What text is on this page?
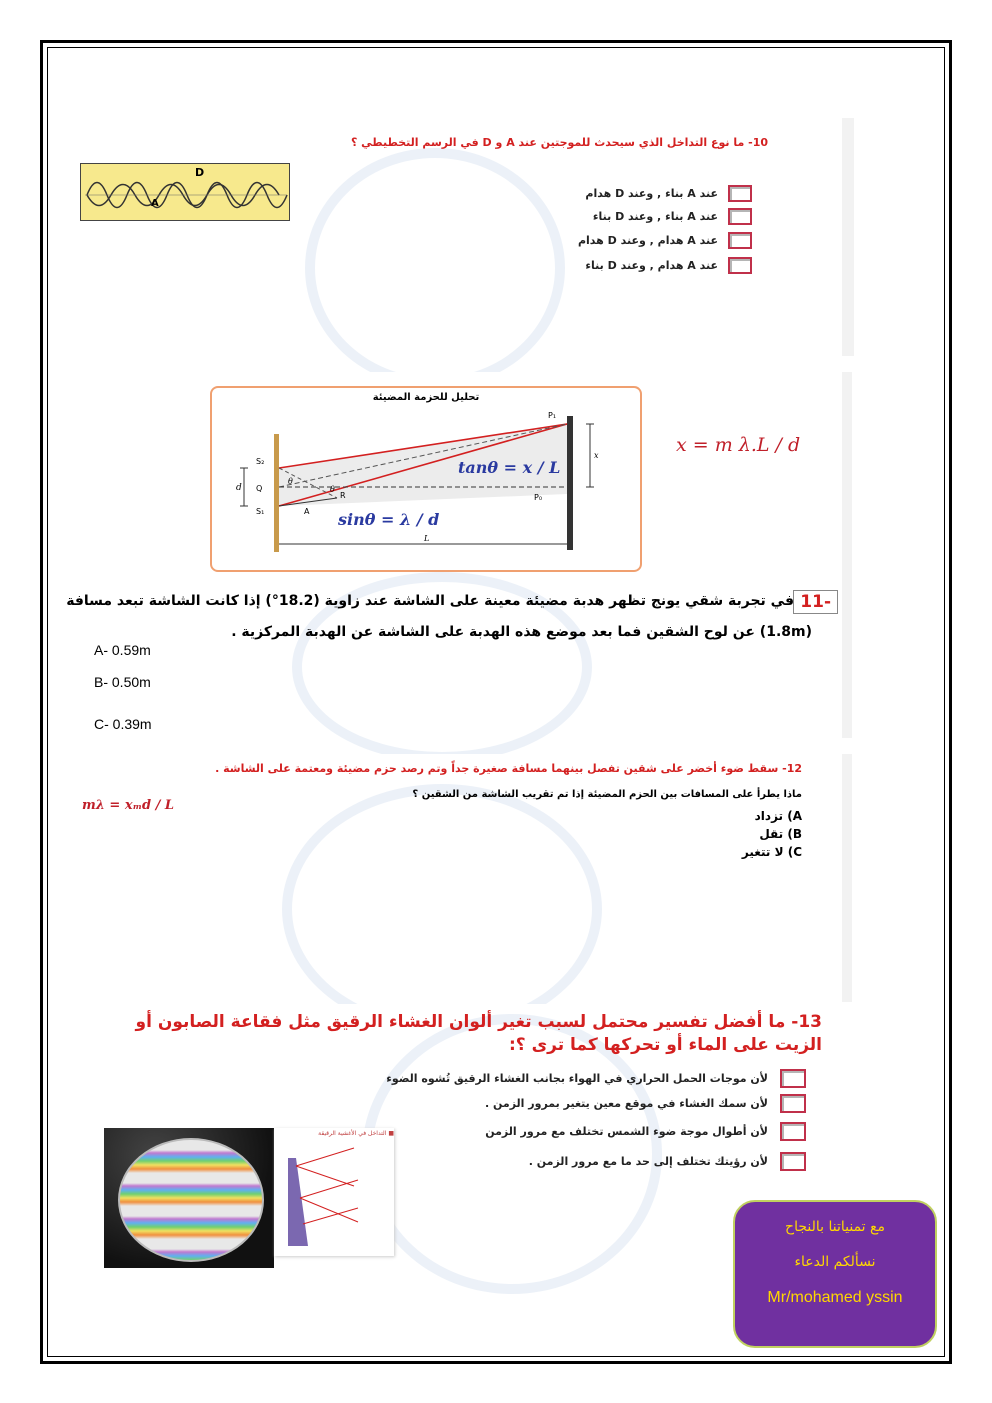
10- ما نوع التداخل الذي سيحدث للموجتين عند A و D في الرسم التخطيطي ؟
D
A
عند A بناء , وعند D هدام
عند A بناء , وعند D بناء
عند A هدام , وعند D هدام
عند A هدام , وعند D بناء
تحليل للحزمة المضيئة
S₂
S₁
Q
d
R
A
θ
θ
P₁
P₀
x
L
tanθ = x / L
sinθ = λ / d
x = m λ.L / d
11-
في تجربة شقي يونج تظهر هدبة مضيئة معينة على الشاشة عند زاوية (18.2°) إذا كانت الشاشة تبعد مسافة
(1.8m) عن لوح الشقين فما بعد موضع هذه الهدبة على الشاشة عن الهدبة المركزية .
A- 0.59m
B- 0.50m
C- 0.39m
12- سقط ضوء أخضر على شقين تفصل بينهما مسافة صغيرة جداً وتم رصد حزم مضيئة ومعتمة على الشاشة .
ماذا يطرأ على المسافات بين الحزم المضيئة إذا تم تقريب الشاشة من الشقين ؟
mλ = xₘd / L
A) تزداد
B) تقل
C) لا تتغير
13- ما أفضل تفسير محتمل لسبب تغير ألوان الغشاء الرقيق مثل فقاعة الصابون أو
الزيت على الماء أو تحركها كما ترى ؟:
لأن موجات الحمل الحراري في الهواء بجانب الغشاء الرقيق تُشوه الضوء
لأن سمك الغشاء في موقع معين يتغير بمرور الزمن .
لأن أطوال موجة ضوء الشمس تختلف مع مرور الزمن
لأن رؤيتك تختلف إلى حد ما مع مرور الزمن .
■ التداخل في الأغشية الرقيقة
مع تمنياتنا بالنجاح
نسألكم الدعاء
Mr/mohamed yssin
